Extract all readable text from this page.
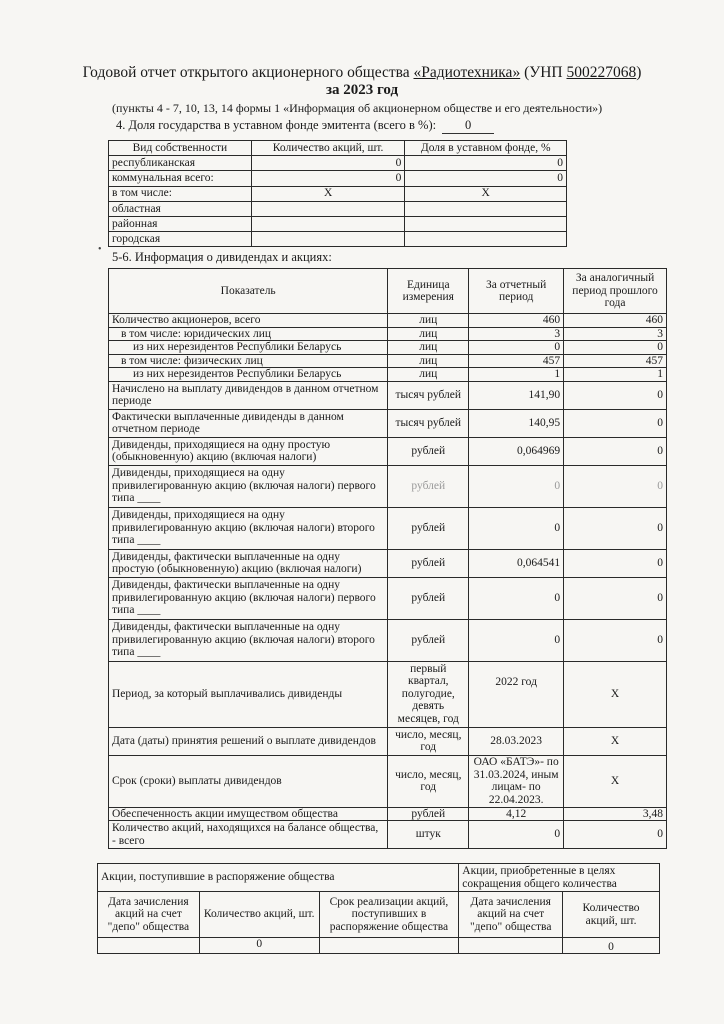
Годовой отчет открытого акционерного общества «Радиотехника» (УНП 500227068)
за 2023 год
(пункты 4 - 7, 10, 13, 14 формы 1 «Информация об акционерном обществе и его деятельности»)
4. Доля государства в уставном фонде эмитента (всего в %): 0
Вид собственности	Количество акций, шт.	Доля в уставном фонде, %
республиканская	0	0
коммунальная всего:	0	0
в том числе:	X	X
областная		
районная		
городская		
•
5-6. Информация о дивидендах и акциях:
Показатель	Единица измерения	За отчетный период	За аналогичный период прошлого года
Количество акционеров, всего	лиц	460	460
в том числе: юридических лиц	лиц	3	3
из них нерезидентов Республики Беларусь	лиц	0	0
в том числе: физических лиц	лиц	457	457
из них нерезидентов Республики Беларусь	лиц	1	1
Начислено на выплату дивидендов в данном отчетном периоде	тысяч рублей	141,90	0
Фактически выплаченные дивиденды в данном отчетном периоде	тысяч рублей	140,95	0
Дивиденды, приходящиеся на одну простую (обыкновенную) акцию (включая налоги)	рублей	0,064969	0
Дивиденды, приходящиеся на одну привилегированную акцию (включая налоги) первого типа ____	рублей	0	0
Дивиденды, приходящиеся на одну привилегированную акцию (включая налоги) второго типа ____	рублей	0	0
Дивиденды, фактически выплаченные на одну простую (обыкновенную) акцию (включая налоги)	рублей	0,064541	0
Дивиденды, фактически выплаченные на одну привилегированную акцию (включая налоги) первого типа ____	рублей	0	0
Дивиденды, фактически выплаченные на одну привилегированную акцию (включая налоги) второго типа ____	рублей	0	0
Период, за который выплачивались дивиденды	первый квартал, полугодие, девять месяцев, год	2022 год	X
Дата (даты) принятия решений о выплате дивидендов	число, месяц, год	28.03.2023	X
Срок (сроки) выплаты дивидендов	число, месяц, год	ОАО «БАТЭ»- по 31.03.2024, иным лицам- по 22.04.2023.	X
Обеспеченность акции имуществом общества	рублей	4,12	3,48
Количество акций, находящихся на балансе общества, - всего	штук	0	0
Акции, поступившие в распоряжение общества			Акции, приобретенные в целях сокращения общего количества	
Дата зачисления акций на счет "депо" общества	Количество акций, шт.	Срок реализации акций, поступивших в распоряжение общества	Дата зачисления акций на счет "депо" общества	Количество акций, шт.
	0			0
